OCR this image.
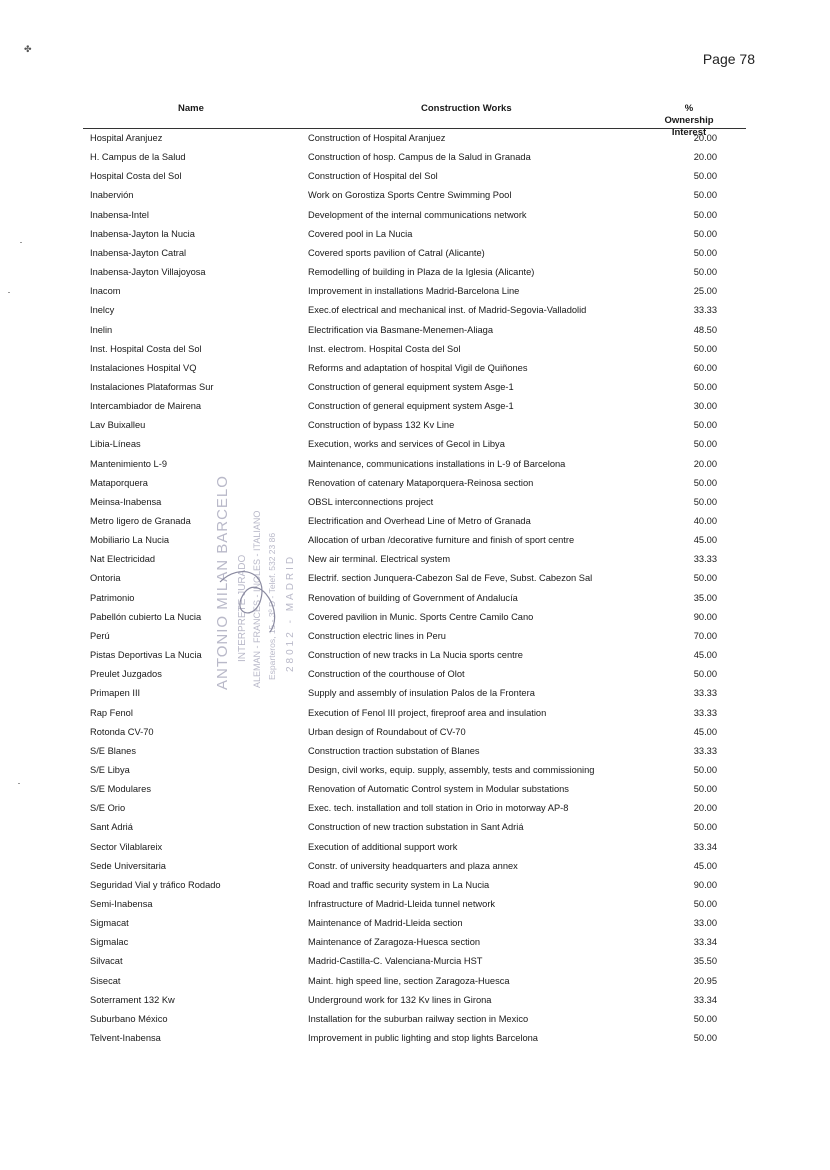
✤
Page 78
Name	Construction Works	% Ownership
Interest
Hospital Aranjuez	Construction of Hospital Aranjuez	20.00
H. Campus de la Salud	Construction of hosp. Campus de la Salud in Granada	20.00
Hospital Costa del Sol	Construction of Hospital del Sol	50.00
Inabervión	Work on Gorostiza Sports Centre Swimming Pool	50.00
Inabensa-Intel	Development of the internal communications network	50.00
Inabensa-Jayton la Nucia	Covered pool in La Nucia	50.00
Inabensa-Jayton Catral	Covered sports pavilion of Catral (Alicante)	50.00
Inabensa-Jayton Villajoyosa	Remodelling of building in Plaza de la Iglesia (Alicante)	50.00
Inacom	Improvement in installations Madrid-Barcelona Line	25.00
Inelcy	Exec.of electrical and mechanical inst. of Madrid-Segovia-Valladolid	33.33
Inelin	Electrification via Basmane-Menemen-Aliaga	48.50
Inst. Hospital Costa del Sol	Inst. electrom. Hospital Costa del Sol	50.00
Instalaciones Hospital VQ	Reforms and adaptation of hospital Vigil de Quiñones	60.00
Instalaciones Plataformas Sur	Construction of general equipment system Asge-1	50.00
Intercambiador de Mairena	Construction of general equipment system Asge-1	30.00
Lav Buixalleu	Construction of bypass 132 Kv Line	50.00
Libia-Líneas	Execution, works and services of Gecol in Libya	50.00
Mantenimiento L-9	Maintenance, communications installations in L-9 of Barcelona	20.00
Mataporquera	Renovation of catenary Mataporquera-Reinosa section	50.00
Meinsa-Inabensa	OBSL interconnections project	50.00
Metro ligero de Granada	Electrification and Overhead Line of Metro of Granada	40.00
Mobiliario La Nucia	Allocation of urban /decorative furniture and finish of sport centre	45.00
Nat Electricidad	New air terminal. Electrical system	33.33
Ontoria	Electrif. section Junquera-Cabezon Sal de Feve, Subst. Cabezon Sal	50.00
Patrimonio	Renovation of building of Government of Andalucía	35.00
Pabellón cubierto La Nucia	Covered pavilion in Munic. Sports Centre Camilo Cano	90.00
Perú	Construction electric lines in Peru	70.00
Pistas Deportivas La Nucia	Construction of new tracks in La Nucia sports centre	45.00
Preulet Juzgados	Construction of the courthouse of Olot	50.00
Primapen III	Supply and assembly of insulation Palos de la Frontera	33.33
Rap Fenol	Execution of Fenol III project, fireproof area and insulation	33.33
Rotonda CV-70	Urban design of Roundabout of CV-70	45.00
S/E Blanes	Construction traction substation of Blanes	33.33
S/E Libya	Design, civil works, equip. supply, assembly, tests and commissioning	50.00
S/E Modulares	Renovation of Automatic Control system in Modular substations	50.00
S/E Orio	Exec. tech. installation and toll station in Orio in motorway AP-8	20.00
Sant Adriá	Construction of new traction substation in Sant Adriá	50.00
Sector Vilablareix	Execution of additional support work	33.34
Sede Universitaria	Constr. of university headquarters and plaza annex	45.00
Seguridad Vial y tráfico Rodado	Road and traffic security system in La Nucia	90.00
Semi-Inabensa	Infrastructure of Madrid-Lleida tunnel network	50.00
Sigmacat	Maintenance of Madrid-Lleida section	33.00
Sigmalac	Maintenance of Zaragoza-Huesca section	33.34
Silvacat	Madrid-Castilla-C. Valenciana-Murcia HST	35.50
Sisecat	Maint. high speed line, section Zaragoza-Huesca	20.95
Soterrament 132 Kw	Underground work for 132 Kv lines in Girona	33.34
Suburbano México	Installation for the suburban railway section in Mexico	50.00
Telvent-Inabensa	Improvement in public lighting and stop lights Barcelona	50.00
ANTONIO MILAN BARCELO INTERPRETE JURADO ALEMAN - FRANCES - INGLES - ITALIANO Esparteros, 15 - 3º D - Telef. 532 23 86 28012 - MADRID
